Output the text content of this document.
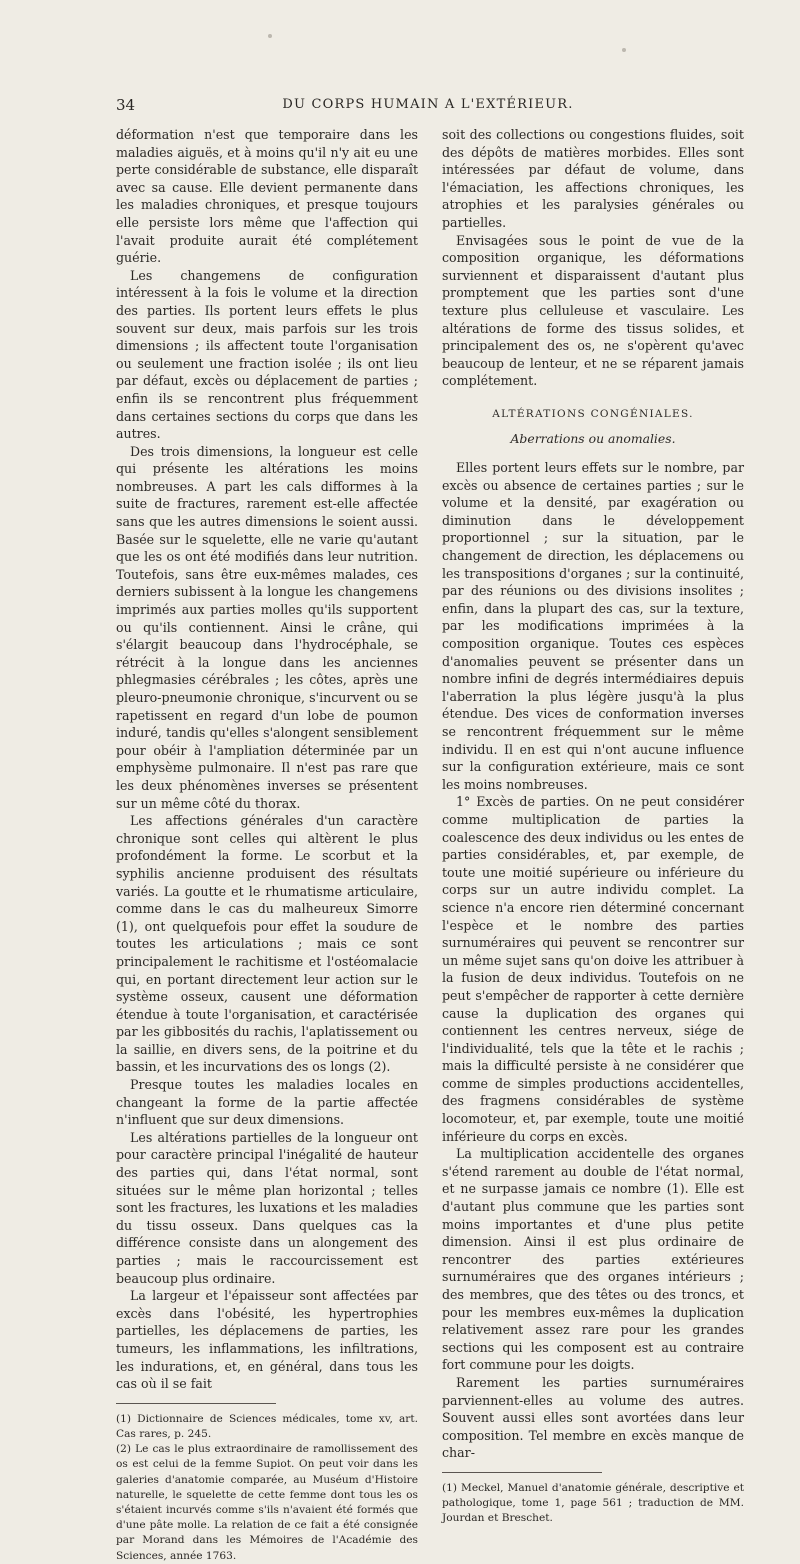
34	DU CORPS HUMAIN A L'EXTÉRIEUR.

déformation n'est que temporaire dans les maladies aiguës, et à moins qu'il n'y ait eu une perte considérable de substance, elle disparaît avec sa cause. Elle devient permanente dans les maladies chroniques, et presque toujours elle persiste lors même que l'affection qui l'avait produite aurait été complétement guérie.

Les changemens de configuration intéressent à la fois le volume et la direction des parties. Ils portent leurs effets le plus souvent sur deux, mais parfois sur les trois dimensions ; ils affectent toute l'organisation ou seulement une fraction isolée ; ils ont lieu par défaut, excès ou déplacement de parties ; enfin ils se rencontrent plus fréquemment dans certaines sections du corps que dans les autres.

Des trois dimensions, la longueur est celle qui présente les altérations les moins nombreuses. A part les cals difformes à la suite de fractures, rarement est-elle affectée sans que les autres dimensions le soient aussi. Basée sur le squelette, elle ne varie qu'autant que les os ont été modifiés dans leur nutrition. Toutefois, sans être eux-mêmes malades, ces derniers subissent à la longue les changemens imprimés aux parties molles qu'ils supportent ou qu'ils contiennent. Ainsi le crâne, qui s'élargit beaucoup dans l'hydrocéphale, se rétrécit à la longue dans les anciennes phlegmasies cérébrales ; les côtes, après une pleuro-pneumonie chronique, s'incurvent ou se rapetissent en regard d'un lobe de poumon induré, tandis qu'elles s'alongent sensiblement pour obéir à l'ampliation déterminée par un emphysème pulmonaire. Il n'est pas rare que les deux phénomènes inverses se présentent sur un même côté du thorax.

Les affections générales d'un caractère chronique sont celles qui altèrent le plus profondément la forme. Le scorbut et la syphilis ancienne produisent des résultats variés. La goutte et le rhumatisme articulaire, comme dans le cas du malheureux Simorre (1), ont quelquefois pour effet la soudure de toutes les articulations ; mais ce sont principalement le rachitisme et l'ostéomalacie qui, en portant directement leur action sur le système osseux, causent une déformation étendue à toute l'organisation, et caractérisée par les gibbosités du rachis, l'aplatissement ou la saillie, en divers sens, de la poitrine et du bassin, et les incurvations des os longs (2).

Presque toutes les maladies locales en changeant la forme de la partie affectée n'influent que sur deux dimensions.

Les altérations partielles de la longueur ont pour caractère principal l'inégalité de hauteur des parties qui, dans l'état normal, sont situées sur le même plan horizontal ; telles sont les fractures, les luxations et les maladies du tissu osseux. Dans quelques cas la différence consiste dans un alongement des parties ; mais le raccourcissement est beaucoup plus ordinaire.

La largeur et l'épaisseur sont affectées par excès dans l'obésité, les hypertrophies partielles, les déplacemens de parties, les tumeurs, les inflammations, les infiltrations, les indurations, et, en général, dans tous les cas où il se fait

(1) Dictionnaire de Sciences médicales, tome xv, art. Cas rares, p. 245.

(2) Le cas le plus extraordinaire de ramollissement des os est celui de la femme Supiot. On peut voir dans les galeries d'anatomie comparée, au Muséum d'Histoire naturelle, le squelette de cette femme dont tous les os s'étaient incurvés comme s'ils n'avaient été formés que d'une pâte molle. La relation de ce fait a été consignée par Morand dans les Mémoires de l'Académie des Sciences, année 1763.

soit des collections ou congestions fluides, soit des dépôts de matières morbides. Elles sont intéressées par défaut de volume, dans l'émaciation, les affections chroniques, les atrophies et les paralysies générales ou partielles.

Envisagées sous le point de vue de la composition organique, les déformations surviennent et disparaissent d'autant plus promptement que les parties sont d'une texture plus celluleuse et vasculaire. Les altérations de forme des tissus solides, et principalement des os, ne s'opèrent qu'avec beaucoup de lenteur, et ne se réparent jamais complétement.

ALTÉRATIONS CONGÉNIALES.
Aberrations ou anomalies.

Elles portent leurs effets sur le nombre, par excès ou absence de certaines parties ; sur le volume et la densité, par exagération ou diminution dans le développement proportionnel ; sur la situation, par le changement de direction, les déplacemens ou les transpositions d'organes ; sur la continuité, par des réunions ou des divisions insolites ; enfin, dans la plupart des cas, sur la texture, par les modifications imprimées à la composition organique. Toutes ces espèces d'anomalies peuvent se présenter dans un nombre infini de degrés intermédiaires depuis l'aberration la plus légère jusqu'à la plus étendue. Des vices de conformation inverses se rencontrent fréquemment sur le même individu. Il en est qui n'ont aucune influence sur la configuration extérieure, mais ce sont les moins nombreuses.

1° Excès de parties. On ne peut considérer comme multiplication de parties la coalescence des deux individus ou les entes de parties considérables, et, par exemple, de toute une moitié supérieure ou inférieure du corps sur un autre individu complet. La science n'a encore rien déterminé concernant l'espèce et le nombre des parties surnuméraires qui peuvent se rencontrer sur un même sujet sans qu'on doive les attribuer à la fusion de deux individus. Toutefois on ne peut s'empêcher de rapporter à cette dernière cause la duplication des organes qui contiennent les centres nerveux, siége de l'individualité, tels que la tête et le rachis ; mais la difficulté persiste à ne considérer que comme de simples productions accidentelles, des fragmens considérables de système locomoteur, et, par exemple, toute une moitié inférieure du corps en excès.

La multiplication accidentelle des organes s'étend rarement au double de l'état normal, et ne surpasse jamais ce nombre (1). Elle est d'autant plus commune que les parties sont moins importantes et d'une plus petite dimension. Ainsi il est plus ordinaire de rencontrer des parties extérieures surnuméraires que des organes intérieurs ; des membres, que des têtes ou des troncs, et pour les membres eux-mêmes la duplication relativement assez rare pour les grandes sections qui les composent est au contraire fort commune pour les doigts.

Rarement les parties surnuméraires parviennent-elles au volume des autres. Souvent aussi elles sont avortées dans leur composition. Tel membre en excès manque de char-

(1) Meckel, Manuel d'anatomie générale, descriptive et pathologique, tome 1, page 561 ; traduction de MM. Jourdan et Breschet.
